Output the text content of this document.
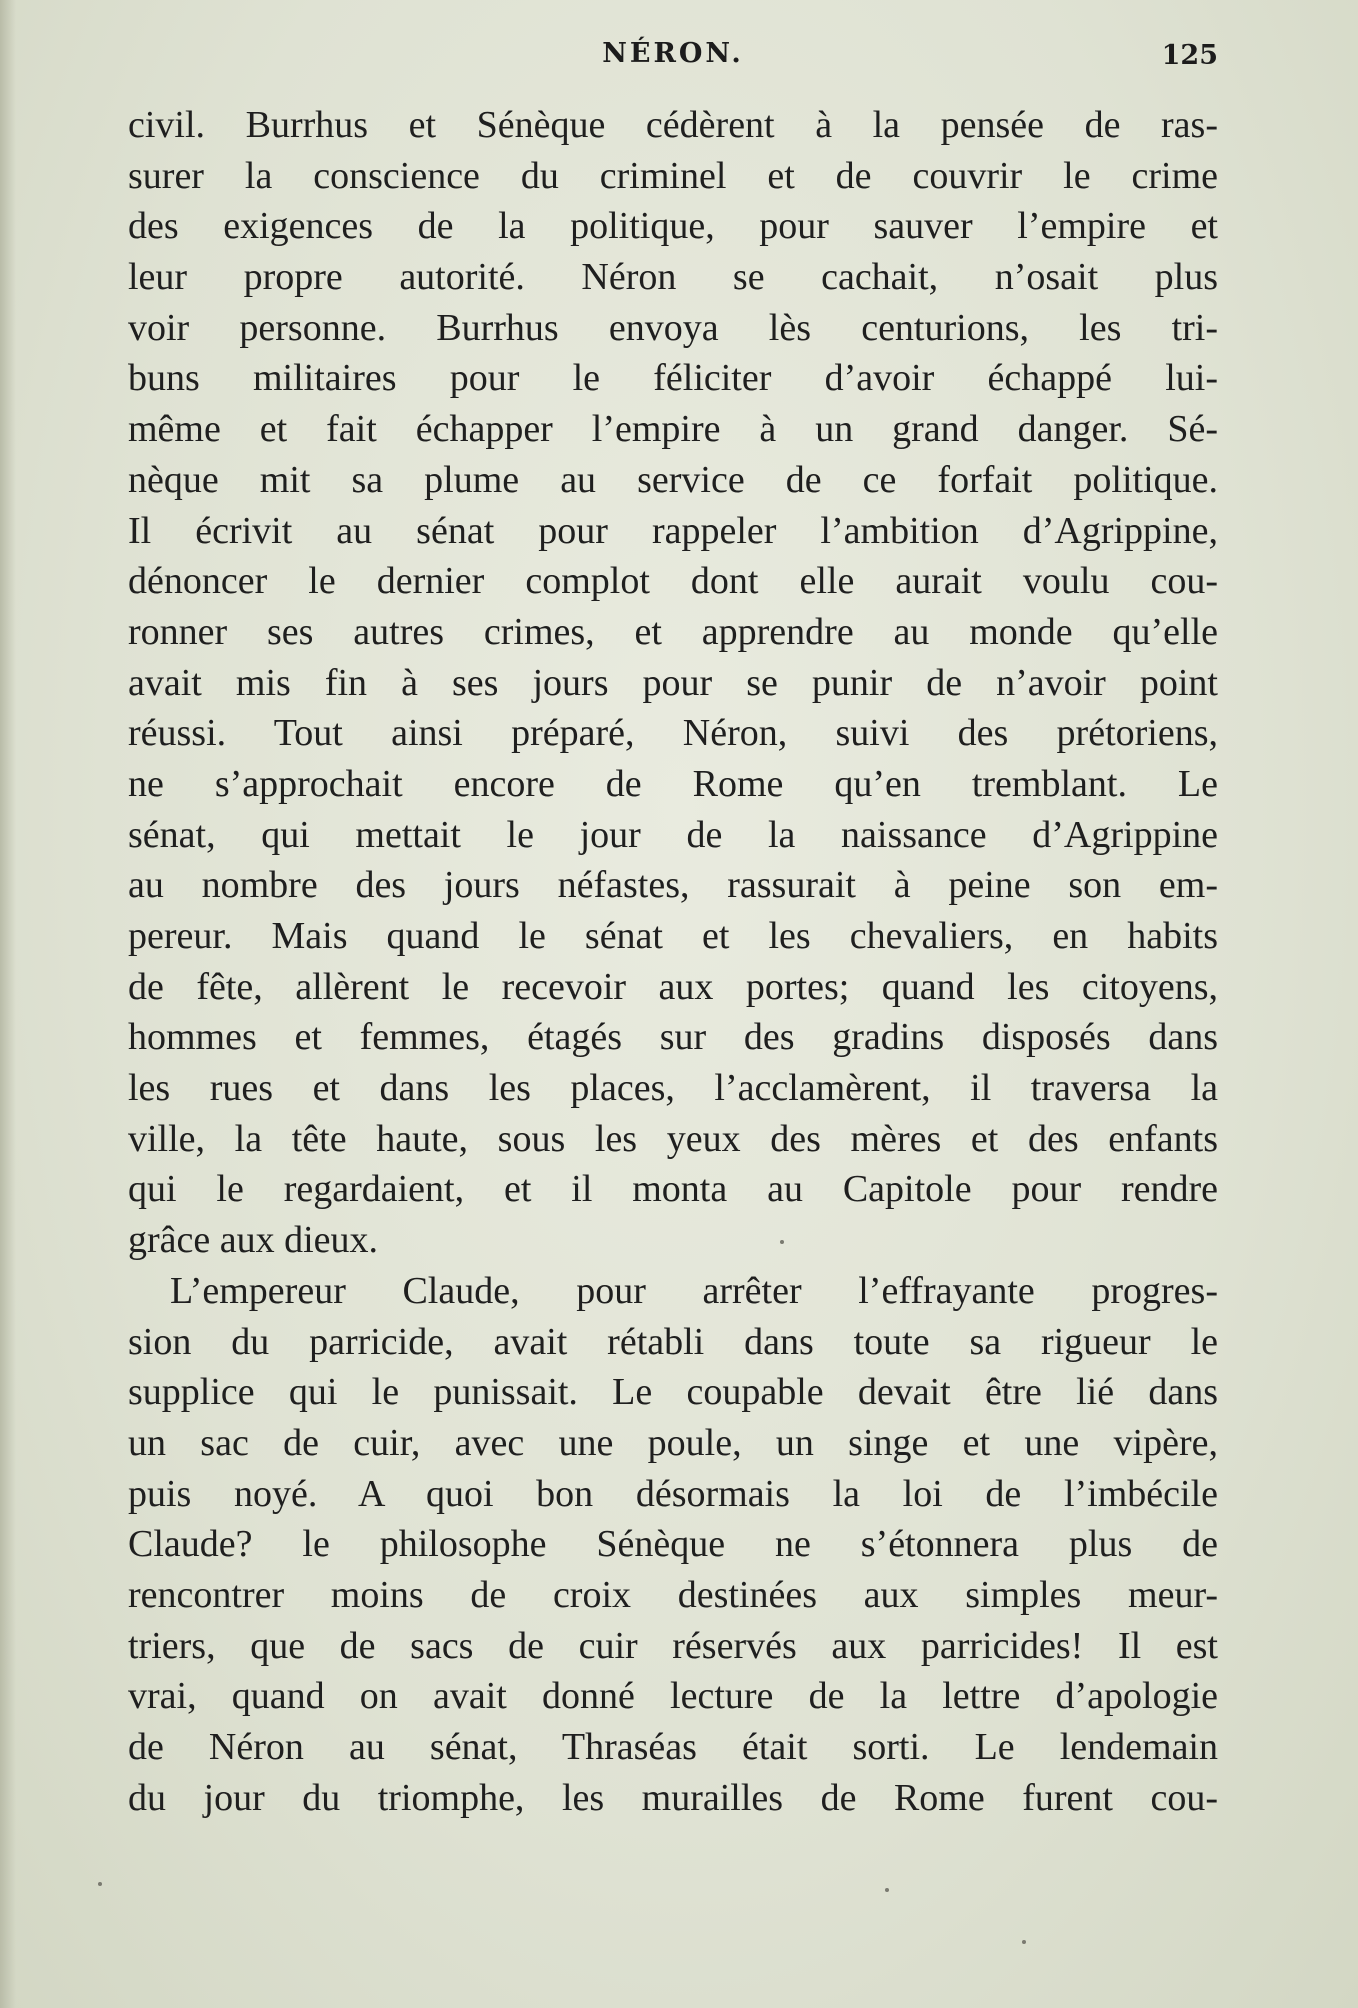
NÉRON.	125
civil. Burrhus et Sénèque cédèrent à la pensée de ras-
surer la conscience du criminel et de couvrir le crime
des exigences de la politique, pour sauver l’empire et
leur propre autorité. Néron se cachait, n’osait plus
voir personne. Burrhus envoya lès centurions, les tri-
buns militaires pour le féliciter d’avoir échappé lui-
même et fait échapper l’empire à un grand danger. Sé-
nèque mit sa plume au service de ce forfait politique.
Il écrivit au sénat pour rappeler l’ambition d’Agrippine,
dénoncer le dernier complot dont elle aurait voulu cou-
ronner ses autres crimes, et apprendre au monde qu’elle
avait mis fin à ses jours pour se punir de n’avoir point
réussi. Tout ainsi préparé, Néron, suivi des prétoriens,
ne s’approchait encore de Rome qu’en tremblant. Le
sénat, qui mettait le jour de la naissance d’Agrippine
au nombre des jours néfastes, rassurait à peine son em-
pereur. Mais quand le sénat et les chevaliers, en habits
de fête, allèrent le recevoir aux portes; quand les citoyens,
hommes et femmes, étagés sur des gradins disposés dans
les rues et dans les places, l’acclamèrent, il traversa la
ville, la tête haute, sous les yeux des mères et des enfants
qui le regardaient, et il monta au Capitole pour rendre
grâce aux dieux.
L’empereur Claude, pour arrêter l’effrayante progres-
sion du parricide, avait rétabli dans toute sa rigueur le
supplice qui le punissait. Le coupable devait être lié dans
un sac de cuir, avec une poule, un singe et une vipère,
puis noyé. A quoi bon désormais la loi de l’imbécile
Claude? le philosophe Sénèque ne s’étonnera plus de
rencontrer moins de croix destinées aux simples meur-
triers, que de sacs de cuir réservés aux parricides! Il est
vrai, quand on avait donné lecture de la lettre d’apologie
de Néron au sénat, Thraséas était sorti. Le lendemain
du jour du triomphe, les murailles de Rome furent cou-
